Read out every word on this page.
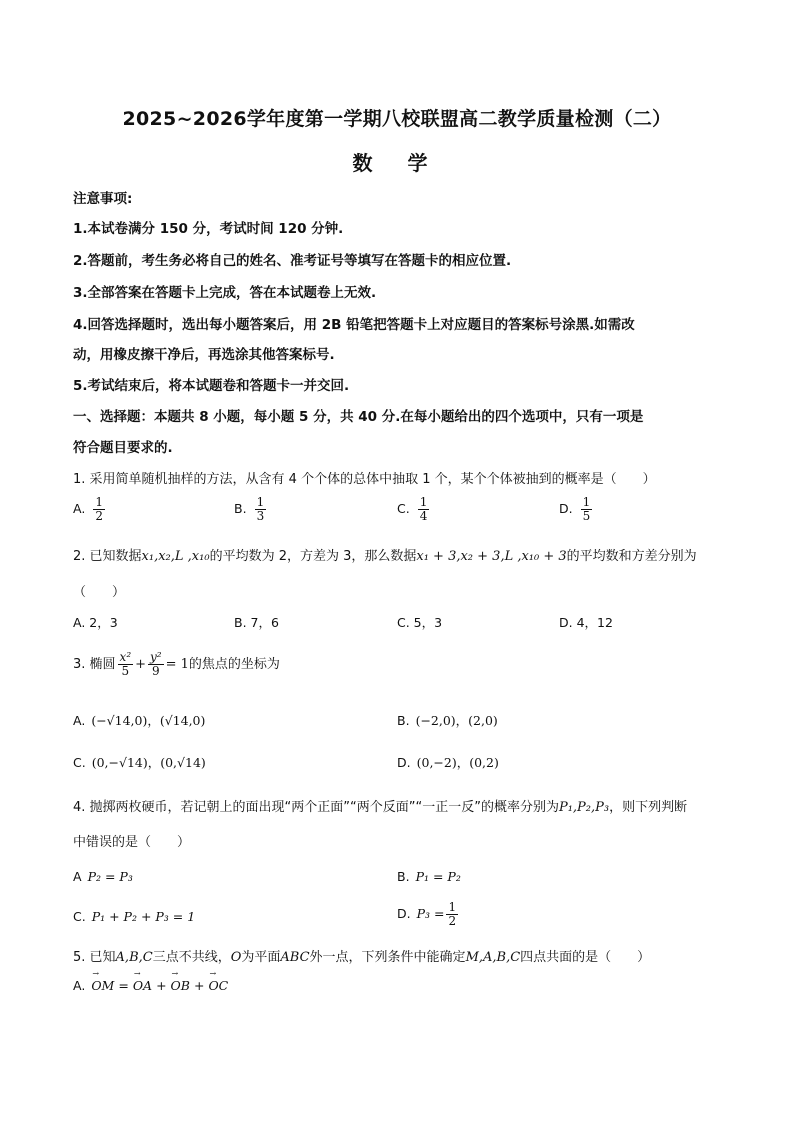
2025~2026学年度第一学期八校联盟高二教学质量检测（二）
数 学
注意事项:
1.本试卷满分 150 分，考试时间 120 分钟.
2.答题前，考生务必将自己的姓名、准考证号等填写在答题卡的相应位置.
3.全部答案在答题卡上完成，答在本试题卷上无效.
4.回答选择题时，选出每小题答案后，用 2B 铅笔把答题卡上对应题目的答案标号涂黑.如需改
动，用橡皮擦干净后，再选涂其他答案标号.
5.考试结束后，将本试题卷和答题卡一并交回.
一、选择题：本题共 8 小题，每小题 5 分，共 40 分.在每小题给出的四个选项中，只有一项是
符合题目要求的.
1. 采用简单随机抽样的方法，从含有 4 个个体的总体中抽取 1 个，某个个体被抽到的概率是（　　）
A. $\frac{1}{2}$	B. $\frac{1}{3}$	C. $\frac{1}{4}$	D. $\frac{1}{5}$
2. 已知数据x₁,x₂,L ,x₁₀的平均数为 2，方差为 3，那么数据x₁ + 3,x₂ + 3,L ,x₁₀ + 3的平均数和方差分别为
（　　）
A. 2，3	B. 7，6	C. 5，3	D. 4，12
3. 椭圆 $\frac{\text{x²}}{5} + \frac{\text{y²}}{9} = 1$的焦点的坐标为
A. (−√14,0)，(√14,0)	B. (−2,0)，(2,0)
C. (0,−√14)，(0,√14)	D. (0,−2)，(0,2)
4. 抛掷两枚硬币，若记朝上的面出现“两个正面”“两个反面”“一正一反”的概率分别为P₁,P₂,P₃，则下列判断
中错误的是（　　）
A P₂ = P₃	B. P₁ = P₂
C. P₁ + P₂ + P₃ = 1	D. $P_3 = \frac{1}{2}$
5. 已知A,B,C三点不共线，O为平面ABC外一点，下列条件中能确定M,A,B,C四点共面的是（　　）
A. → OM = → OA + → OB + → OC
